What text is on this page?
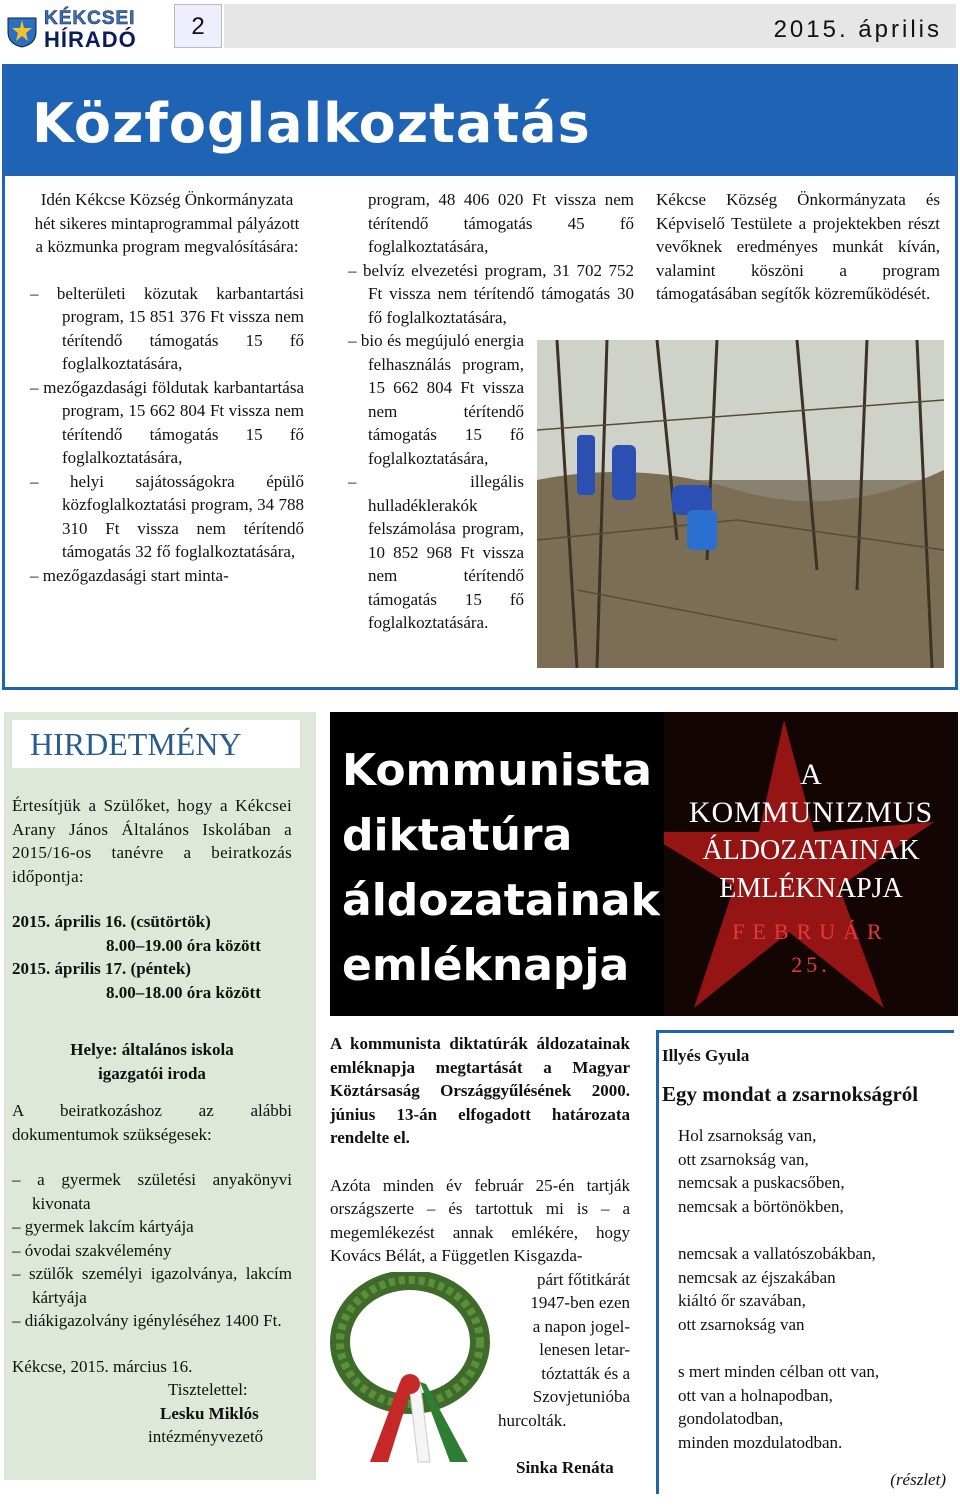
KÉKCSEI
HÍRADÓ	2	2015. április
Közfoglalkoztatás

Idén Kékcse Község Önkormányzata hét sikeres mintaprogrammal pályázott a közmunka program megvalósítására:

– belterületi közutak karbantartási program, 15 851 376 Ft vissza nem térítendő támogatás 15 fő foglalkoztatására,

– mezőgazdasági földutak karbantartása program, 15 662 804 Ft vissza nem térítendő támogatás 15 fő foglalkoztatására,

– helyi sajátosságokra épülő közfoglalkoztatási program, 34 788 310 Ft vissza nem térítendő támogatás 32 fő foglalkoztatására,

– mezőgazdasági start minta-

program, 48 406 020 Ft vissza nem térítendő támogatás 45 fő foglalkoztatására,

– belvíz elvezetési program, 31 702 752 Ft vissza nem térítendő támogatás 30 fő foglalkoztatására,

– bio és megújuló energia felhasználás program, 15 662 804 Ft vissza nem térítendő támogatás 15 fő foglalkoztatására,

– illegális hulladéklerakók felszámolása program, 10 852 968 Ft vissza nem térítendő támogatás 15 fő foglalkoztatására.

Kékcse Község Önkormányzata és Képviselő Testülete a projektekben részt vevőknek eredményes munkát kíván, valamint köszöni a program támogatásában segítők közreműködését.

HIRDETMÉNY

Értesítjük a Szülőket, hogy a Kékcsei Arany János Általános Iskolában a 2015/16-os tanévre a beiratkozás időpontja:

2015. április 16. (csütörtök)

8.00–19.00 óra között

2015. április 17. (péntek)

8.00–18.00 óra között

Helye: általános iskola

igazgatói iroda

A beiratkozáshoz az alábbi dokumentumok szükségesek:

– a gyermek születési anyakönyvi kivonata

– gyermek lakcím kártyája

– óvodai szakvélemény

– szülők személyi igazolványa, lakcím kártyája

– diákigazolvány igényléséhez 1400 Ft.

Kékcse, 2015. március 16.

Tisztelettel:

Lesku Miklós

intézményvezető

Kommunista
diktatúra
áldozatainak
emléknapja
A
KOMMUNIZMUS
ÁLDOZATAINAK
EMLÉKNAPJA
FEBRUÁR
25.

A kommunista diktatúrák áldozatainak emléknapja megtartását a Magyar Köztársaság Országgyűlésének 2000. június 13-án elfogadott határozata rendelte el.

Azóta minden év február 25-én tartják országszerte – és tartottuk mi is – a megemlékezést annak emlékére, hogy Kovács Bélát, a Független Kisgazda-

párt főtitkárát

1947-ben ezen

a napon jogel-

lenesen letar-

tóztatták és a

Szovjetunióba

hurcolták.

Sinka Renáta

Illyés Gyula
Egy mondat a zsarnokságról

Hol zsarnokság van,

ott zsarnokság van,

nemcsak a puskacsőben,

nemcsak a börtönökben,

nemcsak a vallatószobákban,

nemcsak az éjszakában

kiáltó őr szavában,

ott zsarnokság van

s mert minden célban ott van,

ott van a holnapodban,

gondolatodban,

minden mozdulatodban.

(részlet)
